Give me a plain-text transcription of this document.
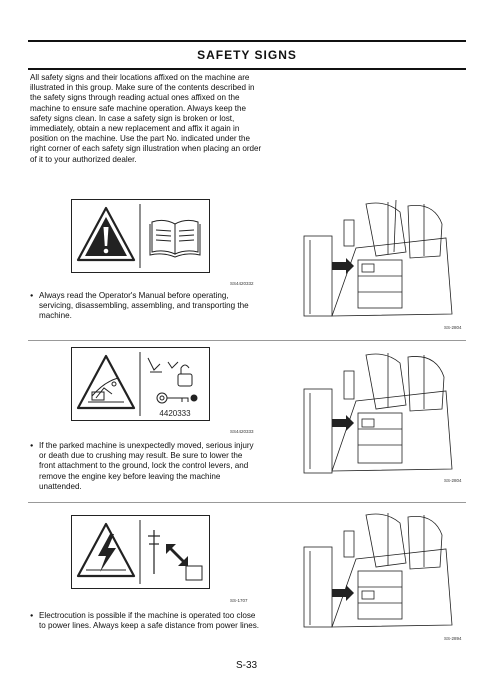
SAFETY SIGNS

All safety signs and their locations affixed on the machine are illustrated in this group. Make sure of the contents described in the safety signs through reading actual ones affixed on the machine to ensure safe machine operation. Always keep the safety signs clean. In case a safety sign is broken or lost, immediately, obtain a new replacement and affix it again in position on the machine. Use the part No. indicated under the right corner of each safety sign illustration when placing an order of it to your authorized dealer.

SS4420332

● Always read the Operator's Manual before operating, servicing, disassembling, assembling, and transporting the machine.

SS-2804
4420333
SS4420333

● If the parked machine is unexpectedly moved, serious injury or death due to crushing may result. Be sure to lower the front attachment to the ground, lock the control levers, and remove the engine key before leaving the machine unattended.

SS-2804
SS-1707

● Electrocution is possible if the machine is operated too close to power lines. Always keep a safe distance from power lines.

SS-2894
S-33
